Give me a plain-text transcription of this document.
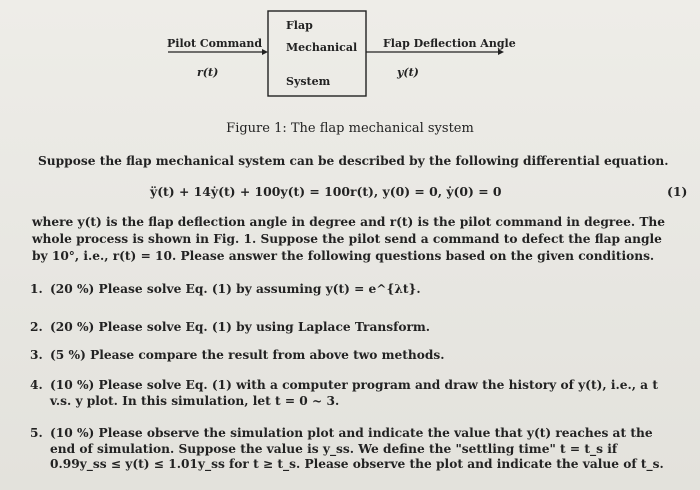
Pilot Command
r(t)
Flap
Mechanical
System
Flap Deflection Angle
y(t)
Figure 1: The flap mechanical system
Suppose the flap mechanical system can be described by the following differential equation.
ÿ(t) + 14ẏ(t) + 100y(t) = 100r(t), y(0) = 0, ẏ(0) = 0	(1)
where y(t) is the flap deflection angle in degree and r(t) is the pilot command in degree. The whole process is shown in Fig. 1. Suppose the pilot send a command to defect the flap angle by 10°, i.e., r(t) = 10. Please answer the following questions based on the given conditions.
1. (20 %) Please solve Eq. (1) by assuming y(t) = e^{λt}.
2. (20 %) Please solve Eq. (1) by using Laplace Transform.
3. (5 %) Please compare the result from above two methods.
4. (10 %) Please solve Eq. (1) with a computer program and draw the history of y(t), i.e., a t v.s. y plot. In this simulation, let t = 0 ~ 3.
5. (10 %) Please observe the simulation plot and indicate the value that y(t) reaches at the end of simulation. Suppose the value is y_ss. We define the "settling time" t = t_s if 0.99y_ss ≤ y(t) ≤ 1.01y_ss for t ≥ t_s. Please observe the plot and indicate the value of t_s.
